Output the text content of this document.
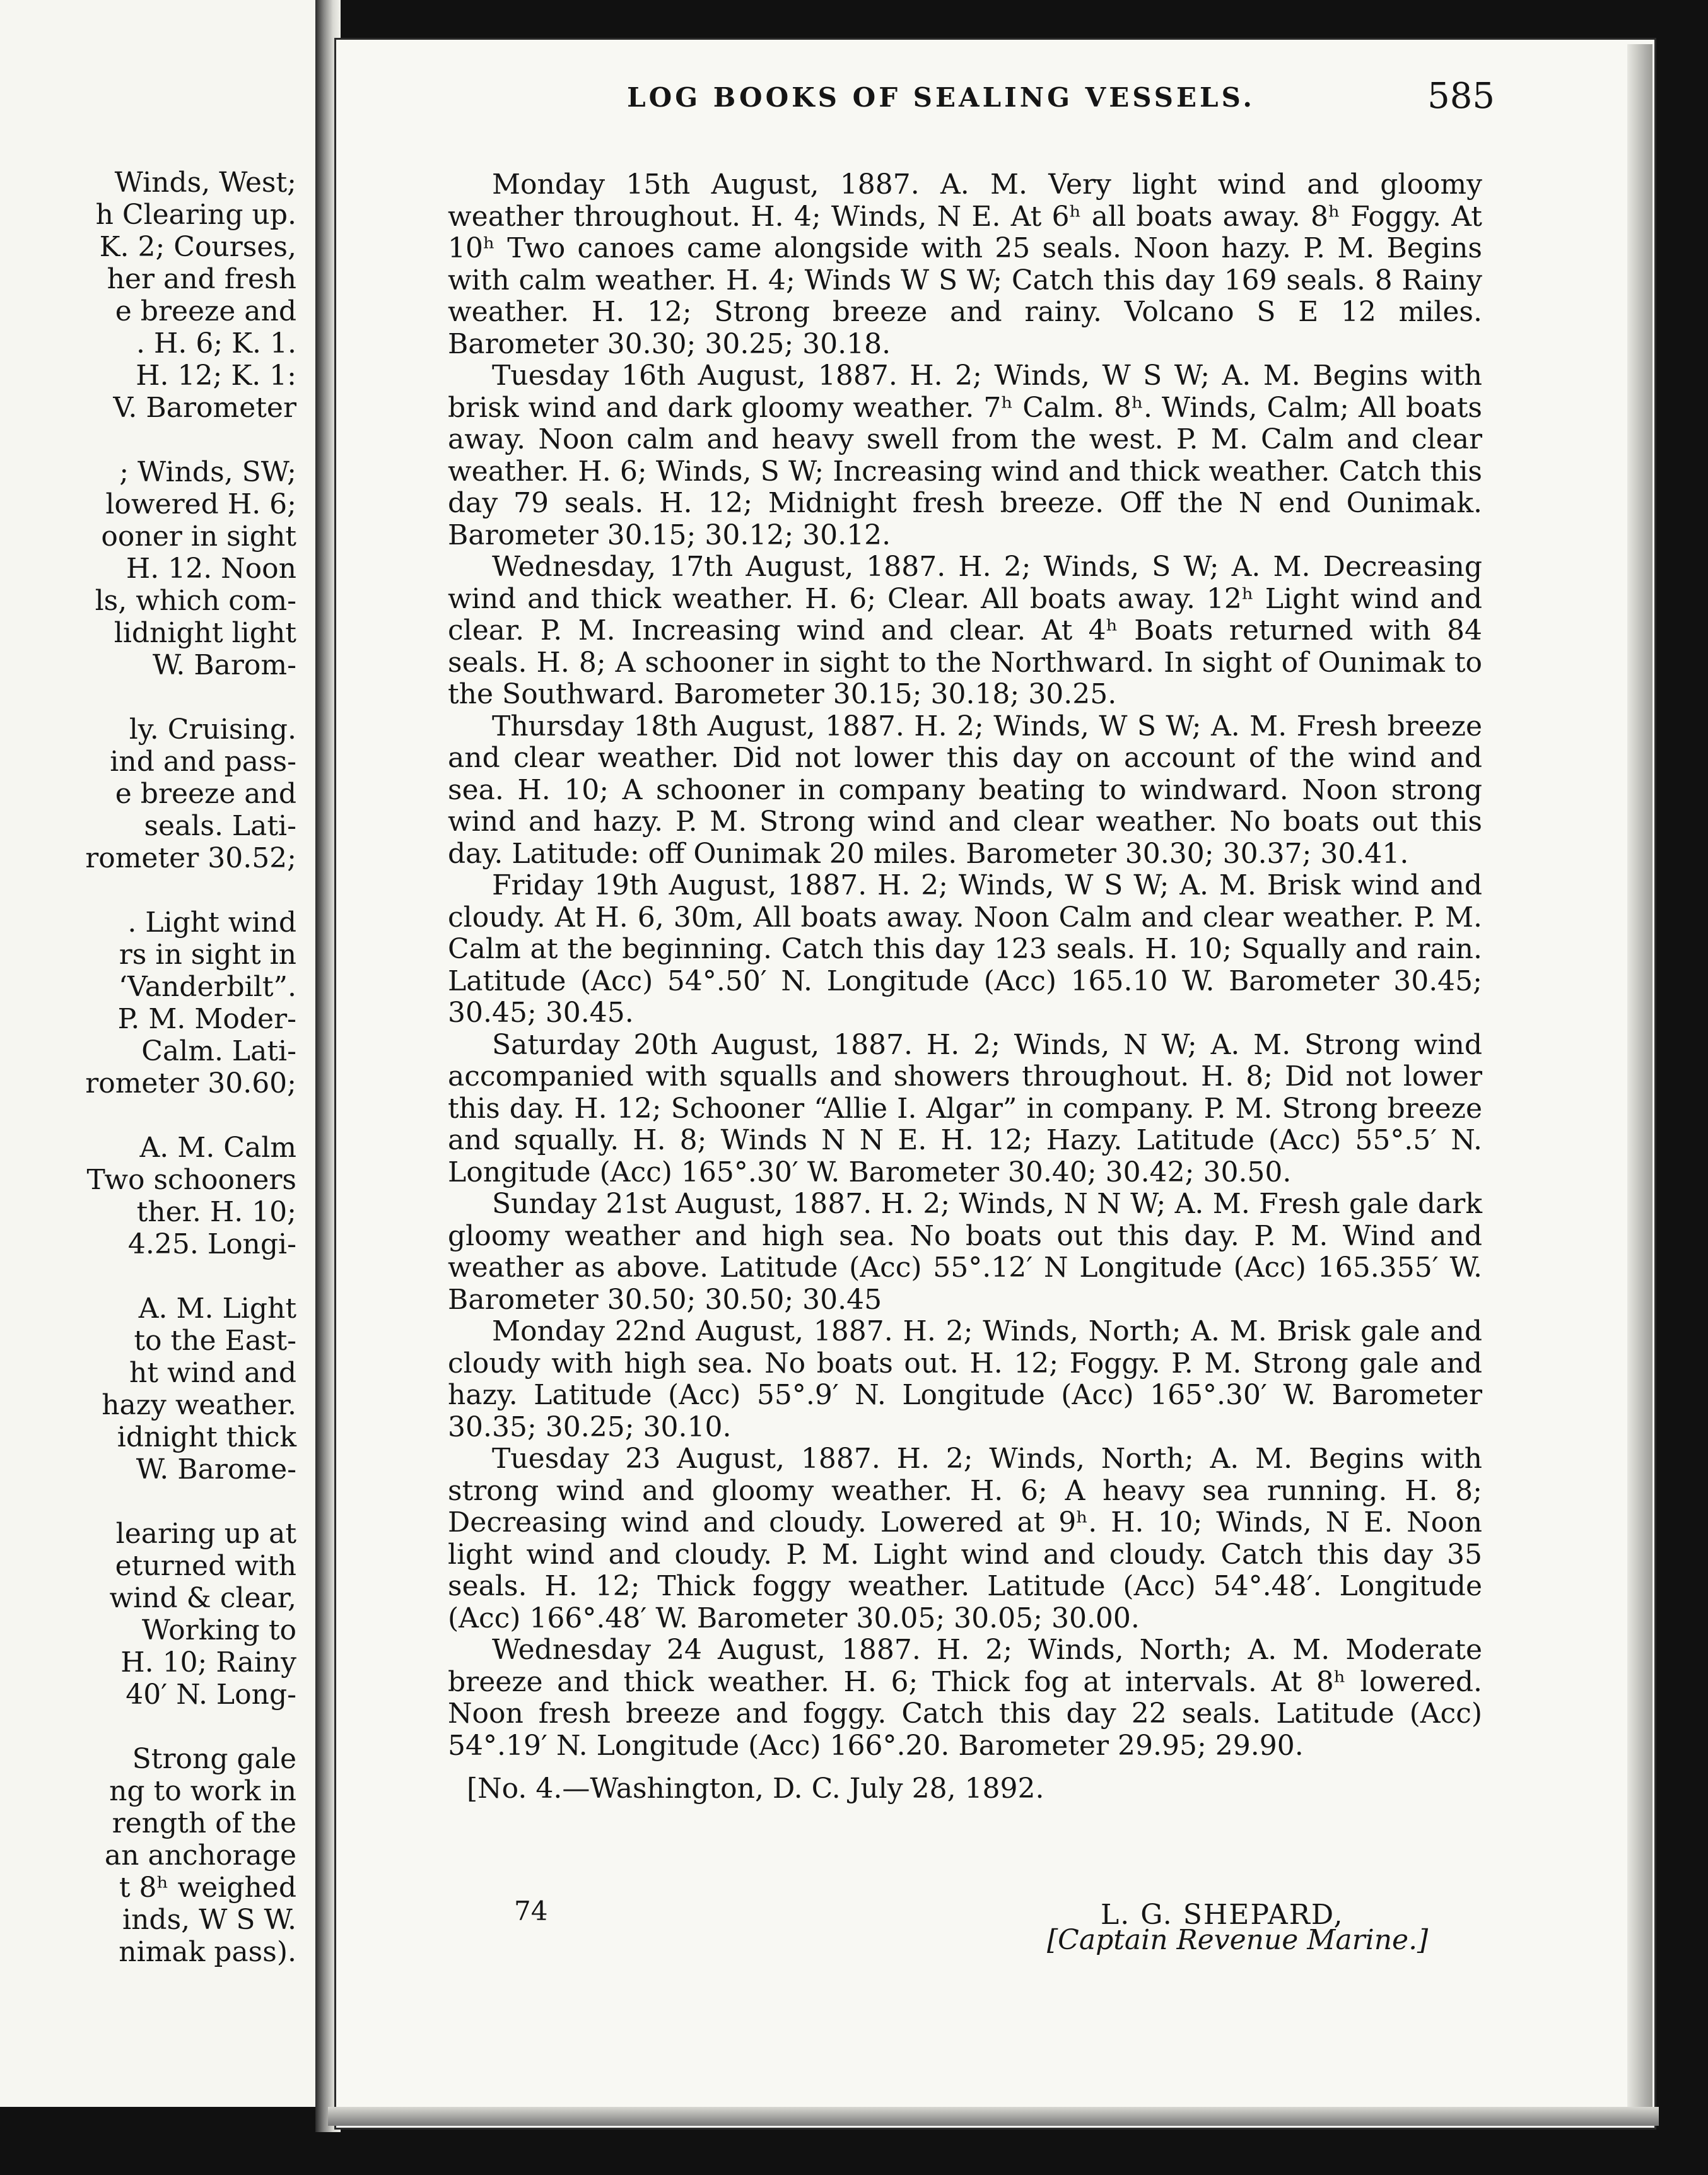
Winds, West;
h Clearing up.
K. 2; Courses,
her and fresh
e breeze and
. H. 6; K. 1.
H. 12; K. 1:
V. Barometer
; Winds, SW;
lowered H. 6;
ooner in sight
H. 12. Noon
ls, which com-
lidnight light
W. Barom-
ly. Cruising.
ind and pass-
e breeze and
seals. Lati-
rometer 30.52;
. Light wind
rs in sight in
‘Vanderbilt”.
P. M. Moder-
Calm. Lati-
rometer 30.60;
A. M. Calm
Two schooners
ther. H. 10;
4.25. Longi-
A. M. Light
to the East-
ht wind and
hazy weather.
idnight thick
W. Barome-
learing up at
eturned with
wind & clear,
Working to
H. 10; Rainy
40′ N. Long-
Strong gale
ng to work in
rength of the
an anchorage
t 8ʰ weighed
inds, W S W.
nimak pass).
LOG BOOKS OF SEALING VESSELS.	585

Monday 15th August, 1887. A. M. Very light wind and gloomy weather throughout. H. 4; Winds, N E. At 6ʰ all boats away. 8ʰ Foggy. At 10ʰ Two canoes came alongside with 25 seals. Noon hazy. P. M. Begins with calm weather. H. 4; Winds W S W; Catch this day 169 seals. 8 Rainy weather. H. 12; Strong breeze and rainy. Volcano S E 12 miles. Barometer 30.30; 30.25; 30.18.

Tuesday 16th August, 1887. H. 2; Winds, W S W; A. M. Begins with brisk wind and dark gloomy weather. 7ʰ Calm. 8ʰ. Winds, Calm; All boats away. Noon calm and heavy swell from the west. P. M. Calm and clear weather. H. 6; Winds, S W; Increasing wind and thick weather. Catch this day 79 seals. H. 12; Midnight fresh breeze. Off the N end Ounimak. Barometer 30.15; 30.12; 30.12.

Wednesday, 17th August, 1887. H. 2; Winds, S W; A. M. Decreasing wind and thick weather. H. 6; Clear. All boats away. 12ʰ Light wind and clear. P. M. Increasing wind and clear. At 4ʰ Boats returned with 84 seals. H. 8; A schooner in sight to the Northward. In sight of Ounimak to the Southward. Barometer 30.15; 30.18; 30.25.

Thursday 18th August, 1887. H. 2; Winds, W S W; A. M. Fresh breeze and clear weather. Did not lower this day on account of the wind and sea. H. 10; A schooner in company beating to windward. Noon strong wind and hazy. P. M. Strong wind and clear weather. No boats out this day. Latitude: off Ounimak 20 miles. Barometer 30.30; 30.37; 30.41.

Friday 19th August, 1887. H. 2; Winds, W S W; A. M. Brisk wind and cloudy. At H. 6, 30m, All boats away. Noon Calm and clear weather. P. M. Calm at the beginning. Catch this day 123 seals. H. 10; Squally and rain. Latitude (Acc) 54°.50′ N. Longitude (Acc) 165.10 W. Barometer 30.45; 30.45; 30.45.

Saturday 20th August, 1887. H. 2; Winds, N W; A. M. Strong wind accompanied with squalls and showers throughout. H. 8; Did not lower this day. H. 12; Schooner “Allie I. Algar” in company. P. M. Strong breeze and squally. H. 8; Winds N N E. H. 12; Hazy. Latitude (Acc) 55°.5′ N. Longitude (Acc) 165°.30′ W. Barometer 30.40; 30.42; 30.50.

Sunday 21st August, 1887. H. 2; Winds, N N W; A. M. Fresh gale dark gloomy weather and high sea. No boats out this day. P. M. Wind and weather as above. Latitude (Acc) 55°.12′ N Longitude (Acc) 165.355′ W. Barometer 30.50; 30.50; 30.45

Monday 22nd August, 1887. H. 2; Winds, North; A. M. Brisk gale and cloudy with high sea. No boats out. H. 12; Foggy. P. M. Strong gale and hazy. Latitude (Acc) 55°.9′ N. Longitude (Acc) 165°.30′ W. Barometer 30.35; 30.25; 30.10.

Tuesday 23 August, 1887. H. 2; Winds, North; A. M. Begins with strong wind and gloomy weather. H. 6; A heavy sea running. H. 8; Decreasing wind and cloudy. Lowered at 9ʰ. H. 10; Winds, N E. Noon light wind and cloudy. P. M. Light wind and cloudy. Catch this day 35 seals. H. 12; Thick foggy weather. Latitude (Acc) 54°.48′. Longitude (Acc) 166°.48′ W. Barometer 30.05; 30.05; 30.00.

Wednesday 24 August, 1887. H. 2; Winds, North; A. M. Moderate breeze and thick weather. H. 6; Thick fog at intervals. At 8ʰ lowered. Noon fresh breeze and foggy. Catch this day 22 seals. Latitude (Acc) 54°.19′ N. Longitude (Acc) 166°.20. Barometer 29.95; 29.90.

[No. 4.—Washington, D. C. July 28, 1892.

74	L. G. SHEPARD,
[Captain Revenue Marine.]
